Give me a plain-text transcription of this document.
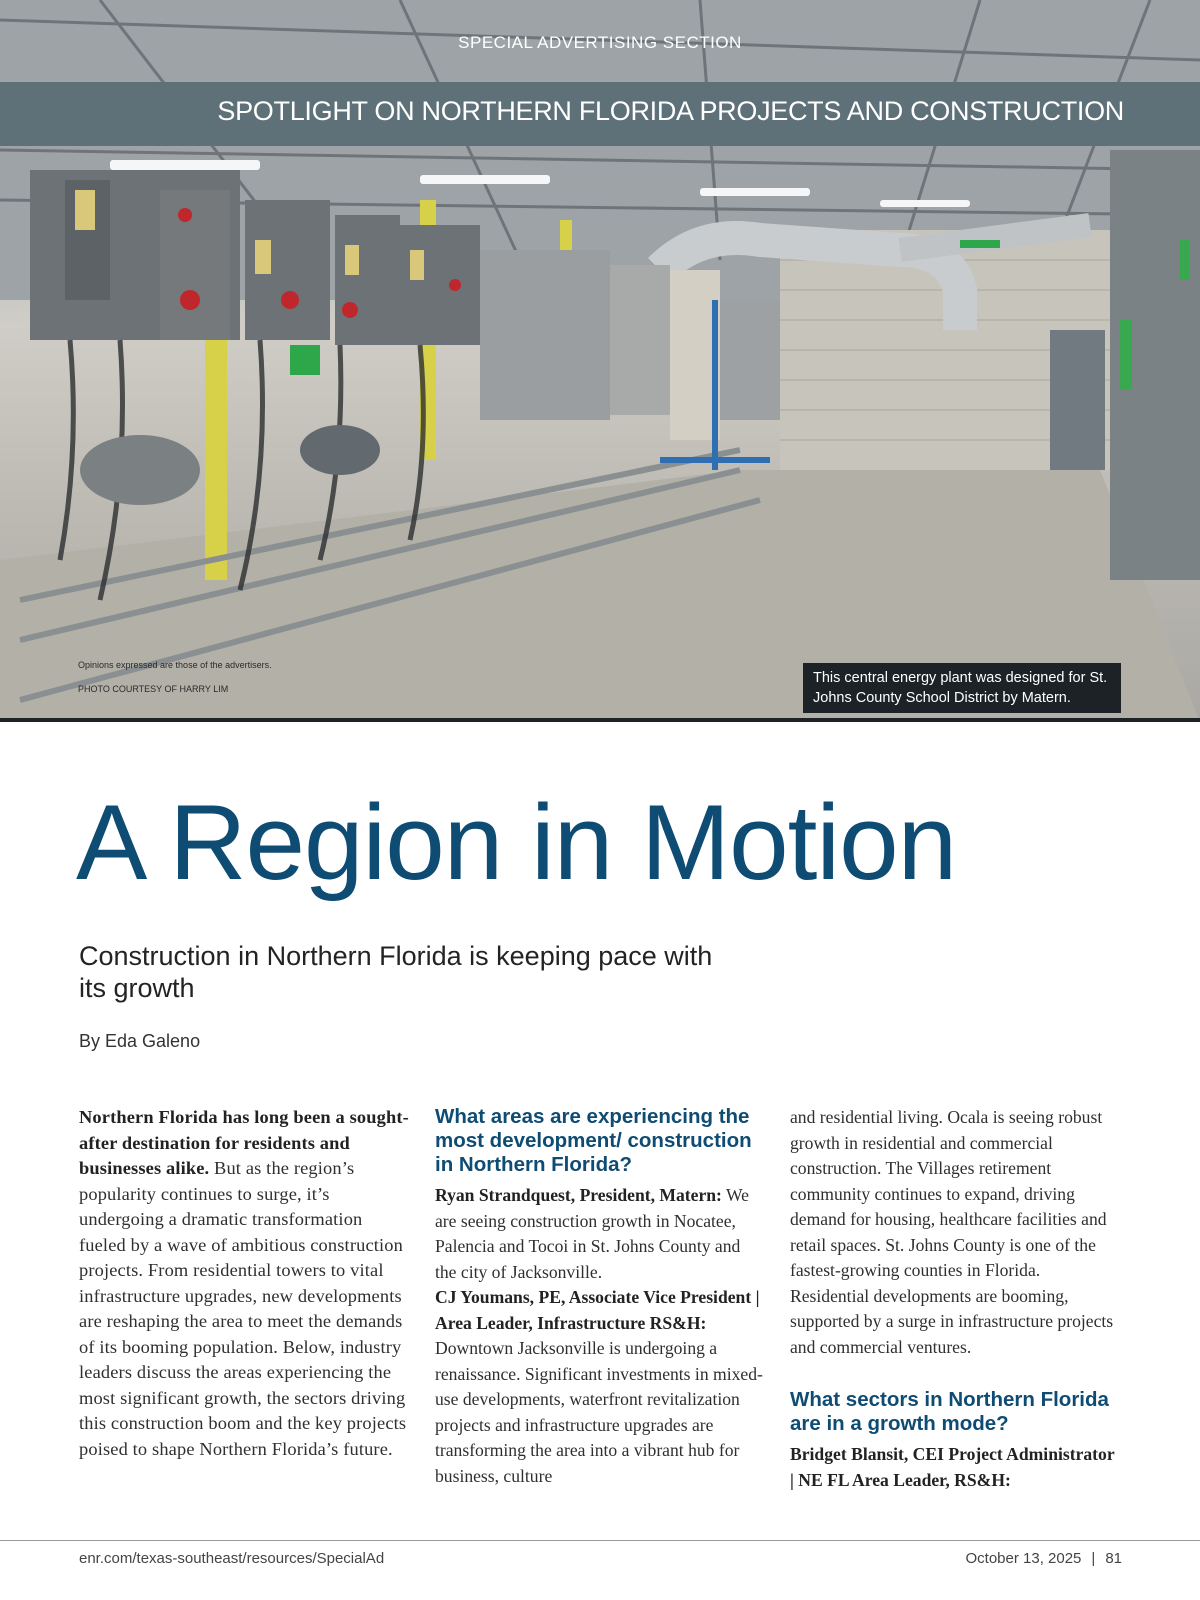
SPECIAL ADVERTISING SECTION
SPOTLIGHT ON NORTHERN FLORIDA PROJECTS AND CONSTRUCTION
Opinions expressed are those of the advertisers.
PHOTO COURTESY OF HARRY LIM
This central energy plant was designed for St. Johns County School District by Matern.
A Region in Motion
Construction in Northern Florida is keeping pace with its growth
By Eda Galeno

Northern Florida has long been a sought-after destination for residents and businesses alike. But as the region’s popularity continues to surge, it’s undergoing a dramatic transformation fueled by a wave of ambitious construction projects. From residential towers to vital infrastructure upgrades, new developments are reshaping the area to meet the demands of its booming population. Below, industry leaders discuss the areas experiencing the most significant growth, the sectors driving this construction boom and the key projects poised to shape Northern Florida’s future.

What areas are experiencing the most development/ construction in Northern Florida?

Ryan Strandquest, President, Matern: We are seeing construction growth in Nocatee, Palencia and Tocoi in St. Johns County and the city of Jacksonville.

CJ Youmans, PE, Associate Vice President | Area Leader, Infrastructure RS&H: Downtown Jacksonville is undergoing a renaissance. Significant investments in mixed-use developments, waterfront revitalization projects and infrastructure upgrades are transforming the area into a vibrant hub for business, culture

and residential living. Ocala is seeing robust growth in residential and commercial construction. The Villages retirement community continues to expand, driving demand for housing, healthcare facilities and retail spaces. St. Johns County is one of the fastest-growing counties in Florida. Residential developments are booming, supported by a surge in infrastructure projects and commercial ventures.

What sectors in Northern Florida are in a growth mode?

Bridget Blansit, CEI Project Administrator | NE FL Area Leader, RS&H:

enr.com/texas-southeast/resources/SpecialAd	October 13, 2025 | 81
